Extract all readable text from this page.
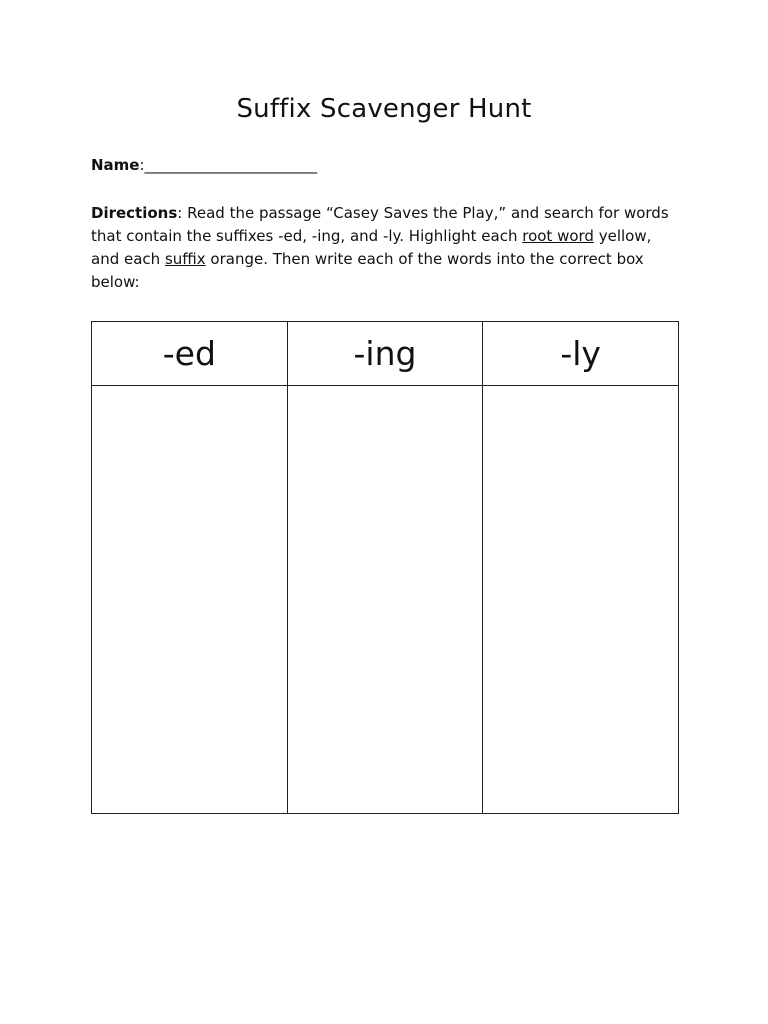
Suffix Scavenger Hunt
Name:_______________________
Directions: Read the passage “Casey Saves the Play,” and search for words that contain the suffixes -ed, -ing, and -ly. Highlight each root word yellow, and each suffix orange. Then write each of the words into the correct box below:
-ed	-ing	-ly
